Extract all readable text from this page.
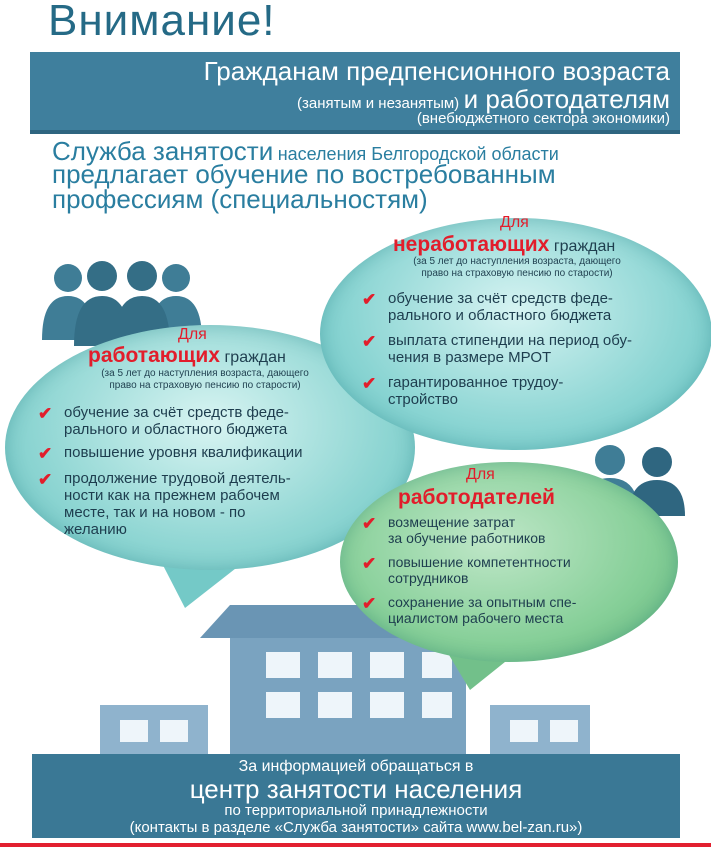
Внимание!
Гражданам предпенсионного возраста
(занятым и незанятым) и работодателям
(внебюджетного сектора экономики)
Служба занятости населения Белгородской области
предлагает обучение по востребованным профессиям (специальностям)
Для
работающих граждан
(за 5 лет до наступления возраста, дающего
право на страховую пенсию по старости)
✔ обучение за счёт средств феде-
рального и областного бюджета
✔ повышение уровня квалификации
✔ продолжение трудовой деятель-
ности как на прежнем рабочем
месте, так и на новом - по
желанию
Для
неработающих граждан
(за 5 лет до наступления возраста, дающего
право на страховую пенсию по старости)
✔ обучение за счёт средств феде-
рального и областного бюджета
✔ выплата стипендии на период обу-
чения в размере МРОТ
✔ гарантированное трудоу-
стройство
Для
работодателей
✔ возмещение затрат
за обучение работников
✔ повышение компетентности
сотрудников
✔ сохранение за опытным спе-
циалистом рабочего места
За информацией обращаться в
центр занятости населения
по территориальной принадлежности
(контакты в разделе «Служба занятости» сайта www.bel-zan.ru»)
